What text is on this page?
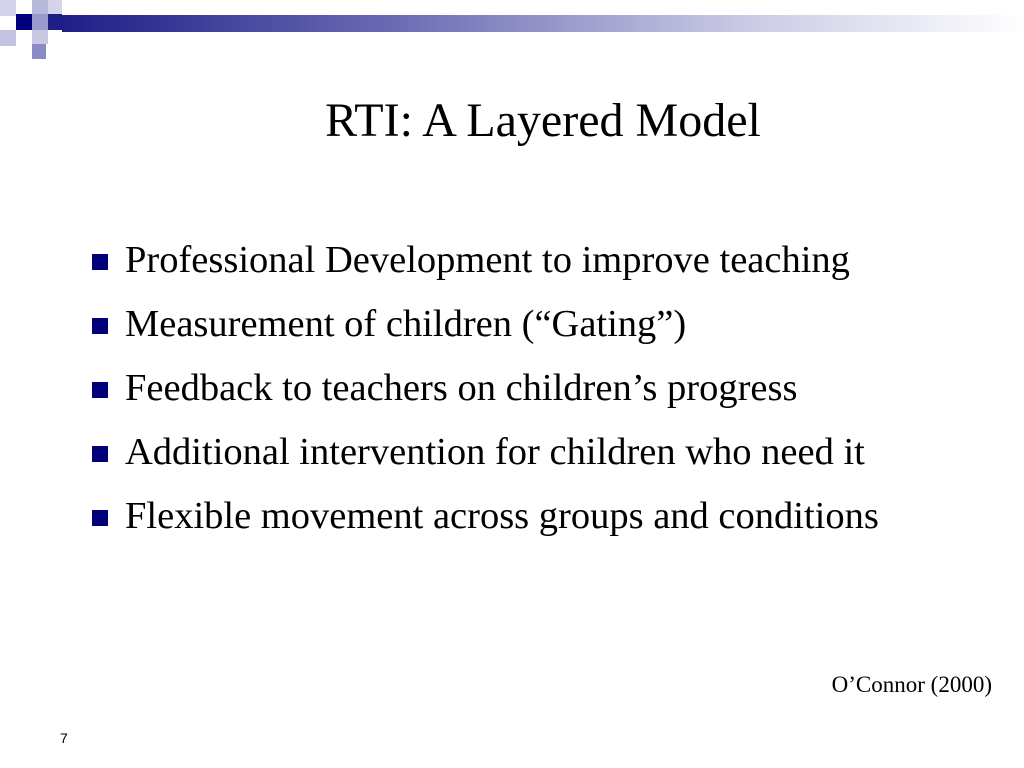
RTI: A Layered Model
Professional Development to improve teaching
Measurement of children (“Gating”)
Feedback to teachers on children’s progress
Additional intervention for children who need it
Flexible movement across groups and conditions
O’Connor (2000)
7
